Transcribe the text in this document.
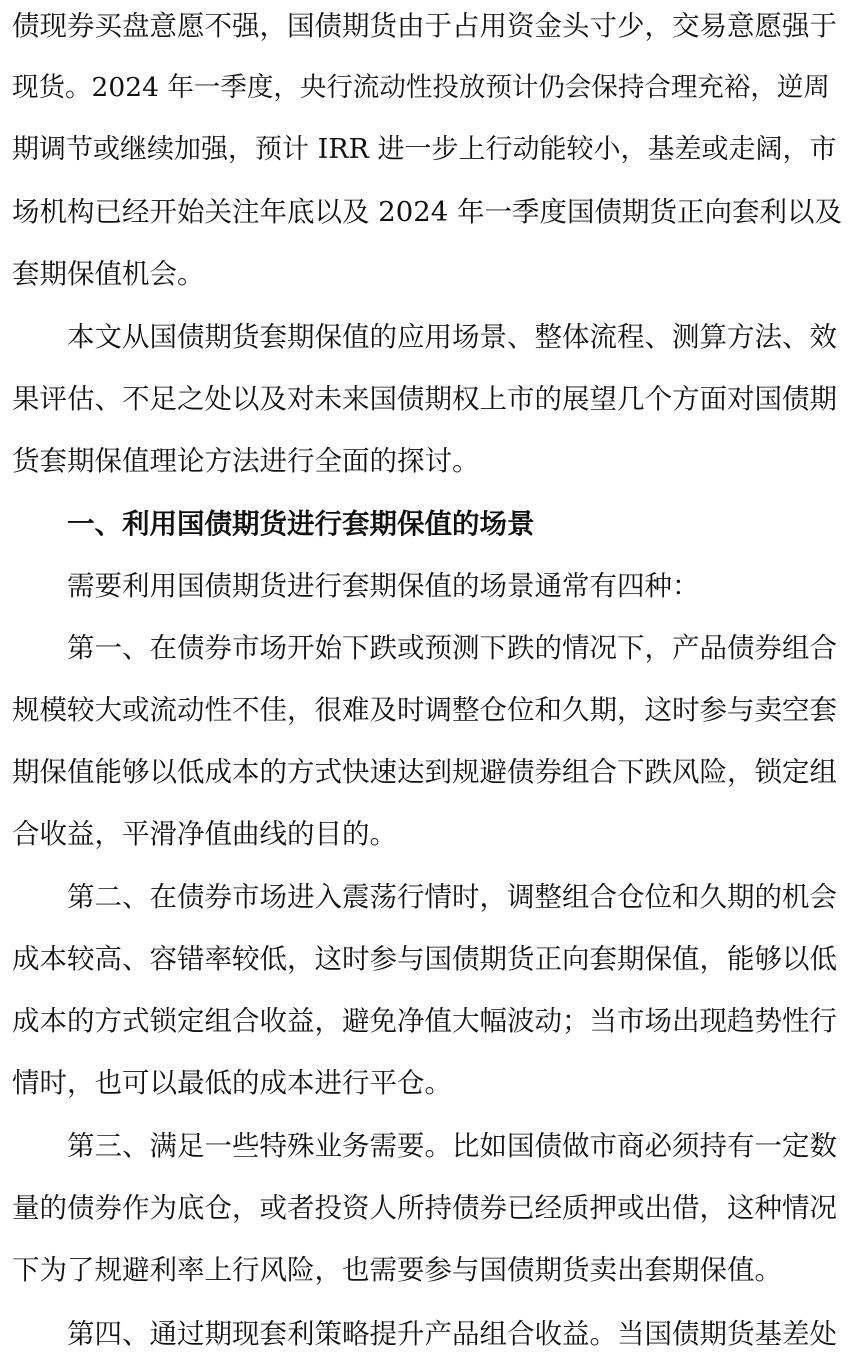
债现券买盘意愿不强，国债期货由于占用资金头寸少，交易意愿强于
现货。2024 年一季度，央行流动性投放预计仍会保持合理充裕，逆周
期调节或继续加强，预计 IRR 进一步上行动能较小，基差或走阔，市
场机构已经开始关注年底以及 2024 年一季度国债期货正向套利以及
套期保值机会。
本文从国债期货套期保值的应用场景、整体流程、测算方法、效
果评估、不足之处以及对未来国债期权上市的展望几个方面对国债期
货套期保值理论方法进行全面的探讨。
一、利用国债期货进行套期保值的场景
需要利用国债期货进行套期保值的场景通常有四种：
第一、在债券市场开始下跌或预测下跌的情况下，产品债券组合
规模较大或流动性不佳，很难及时调整仓位和久期，这时参与卖空套
期保值能够以低成本的方式快速达到规避债券组合下跌风险，锁定组
合收益，平滑净值曲线的目的。
第二、在债券市场进入震荡行情时，调整组合仓位和久期的机会
成本较高、容错率较低，这时参与国债期货正向套期保值，能够以低
成本的方式锁定组合收益，避免净值大幅波动；当市场出现趋势性行
情时，也可以最低的成本进行平仓。
第三、满足一些特殊业务需要。比如国债做市商必须持有一定数
量的债券作为底仓，或者投资人所持债券已经质押或出借，这种情况
下为了规避利率上行风险，也需要参与国债期货卖出套期保值。
第四、通过期现套利策略提升产品组合收益。当国债期货基差处
